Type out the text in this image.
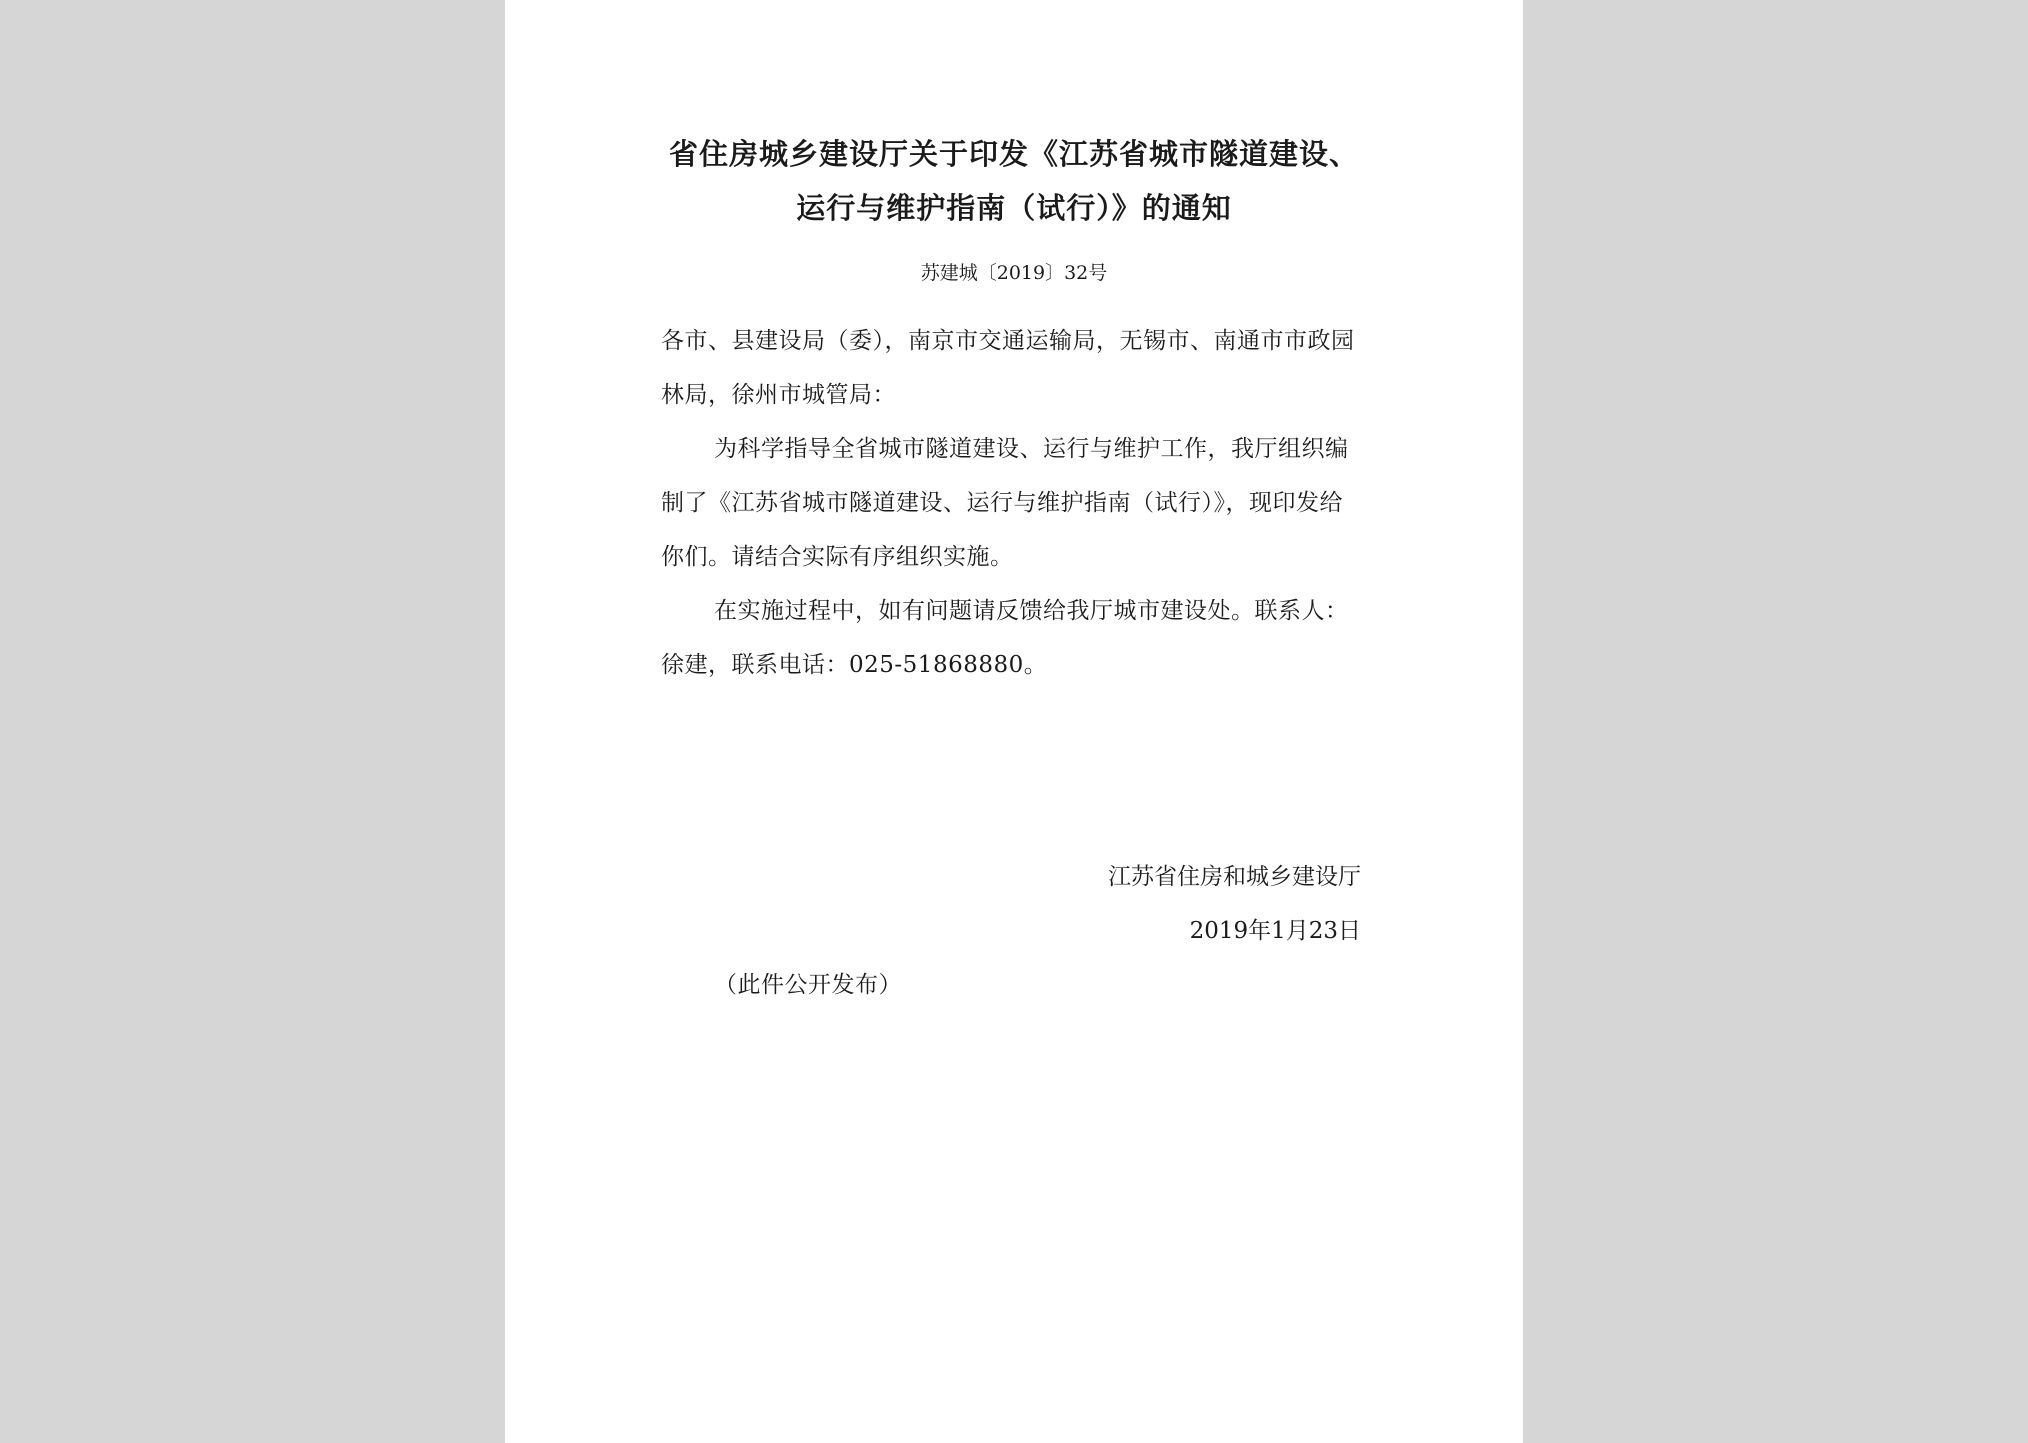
省住房城乡建设厅关于印发《江苏省城市隧道建设、
运行与维护指南（试行）》的通知
苏建城〔2019〕32号
各市、县建设局（委），南京市交通运输局，无锡市、南通市市政园
林局，徐州市城管局：
为科学指导全省城市隧道建设、运行与维护工作，我厅组织编
制了《江苏省城市隧道建设、运行与维护指南（试行）》，现印发给
你们。请结合实际有序组织实施。
在实施过程中，如有问题请反馈给我厅城市建设处。联系人：
徐建，联系电话：025-51868880。
江苏省住房和城乡建设厅
2019年1月23日
（此件公开发布）
